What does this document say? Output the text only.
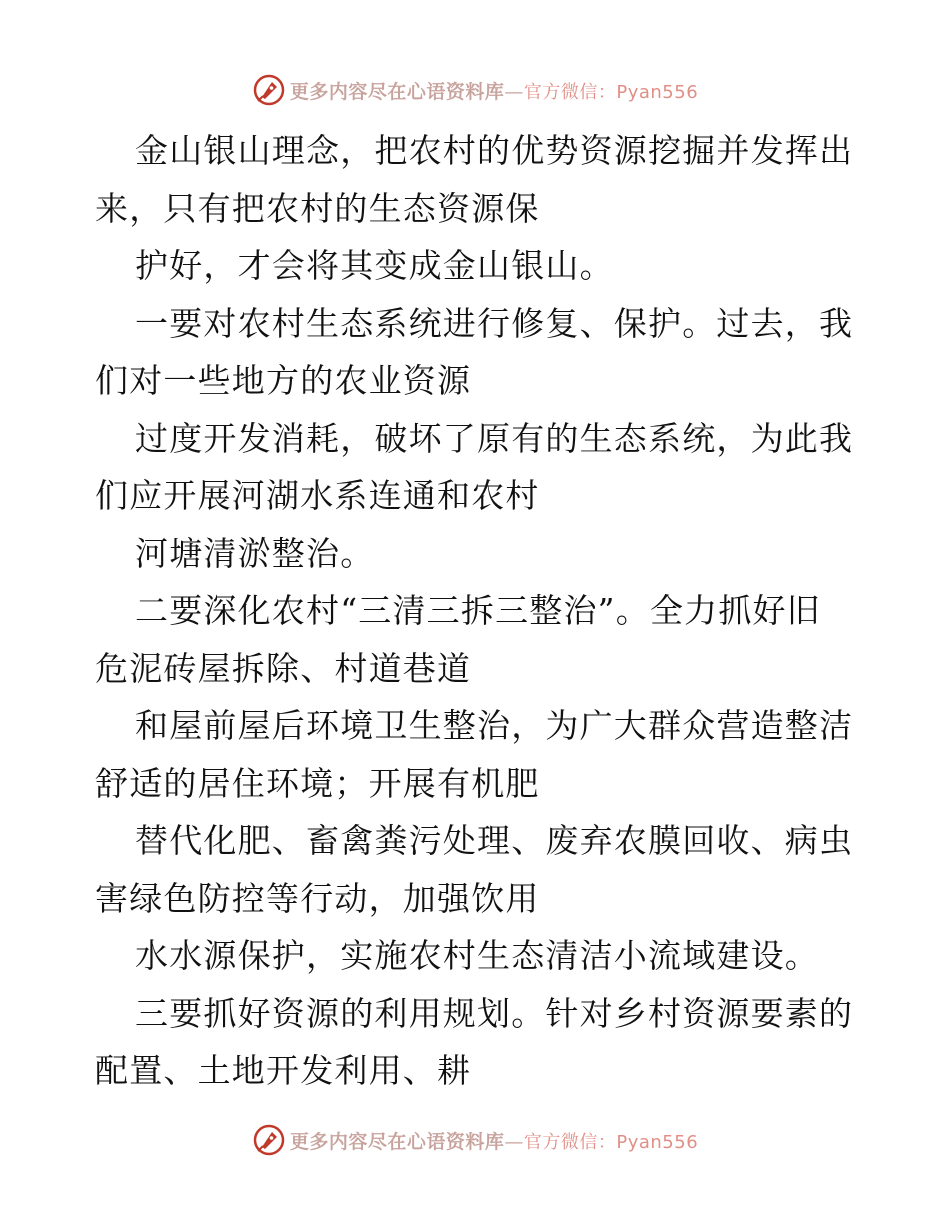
更多内容尽在心语资料库—官方微信：Pyan556
金山银山理念，把农村的优势资源挖掘并发挥出
来，只有把农村的生态资源保
护好，才会将其变成金山银山。
一要对农村生态系统进行修复、保护。过去，我
们对一些地方的农业资源
过度开发消耗，破坏了原有的生态系统，为此我
们应开展河湖水系连通和农村
河塘清淤整治。
二要深化农村“三清三拆三整治”。全力抓好旧
危泥砖屋拆除、村道巷道
和屋前屋后环境卫生整治，为广大群众营造整洁
舒适的居住环境；开展有机肥
替代化肥、畜禽粪污处理、废弃农膜回收、病虫
害绿色防控等行动，加强饮用
水水源保护，实施农村生态清洁小流域建设。
三要抓好资源的利用规划。针对乡村资源要素的
配置、土地开发利用、耕
更多内容尽在心语资料库—官方微信：Pyan556
